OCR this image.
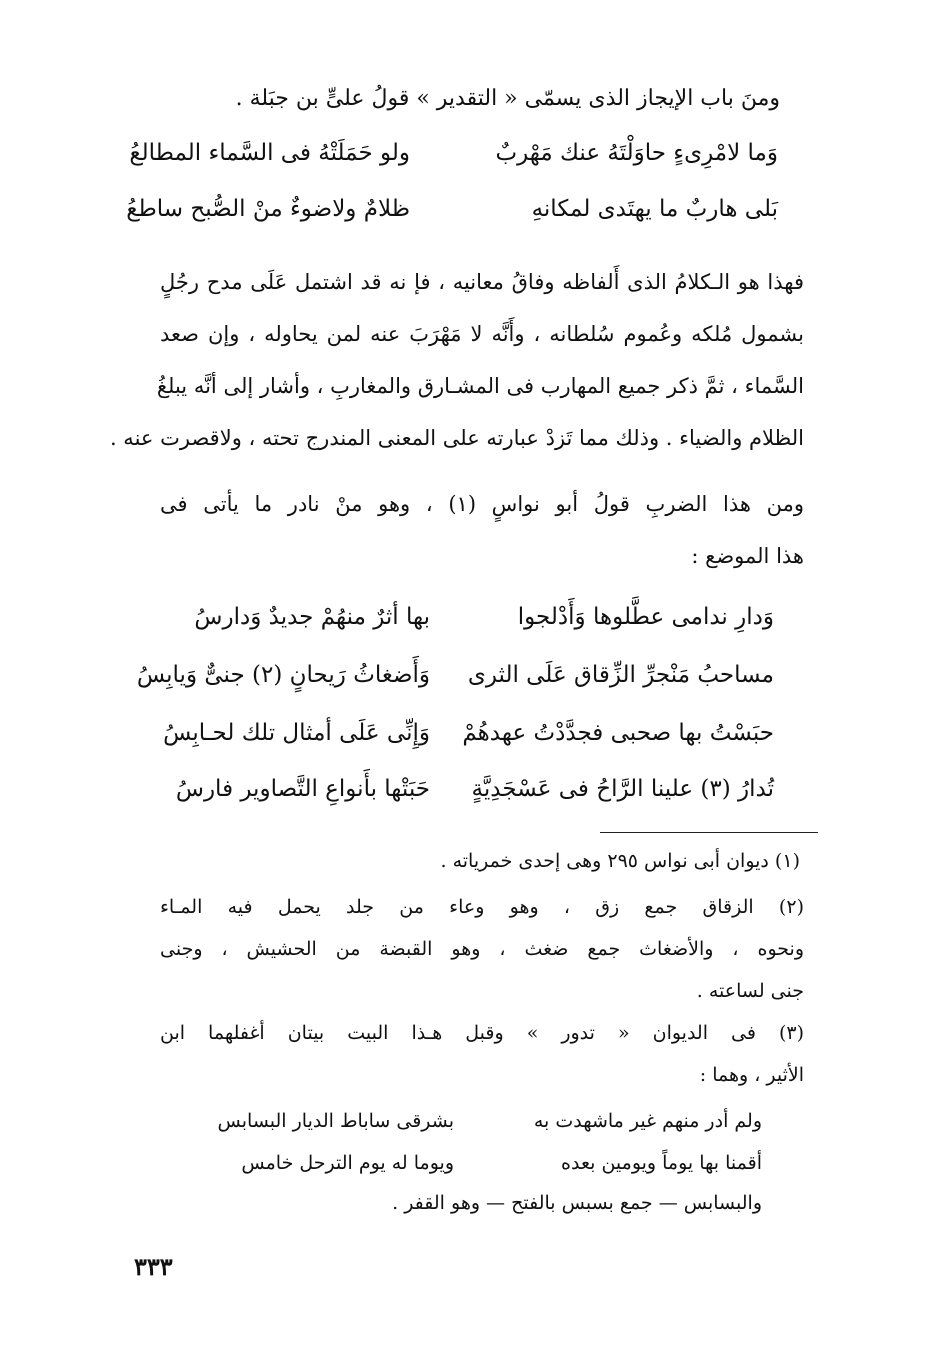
ومنَ باب الإيجاز الذى يسمّى « التقدير » قولُ علىٍّ بن جبَلة .
وَما لامْرِىءٍ حاوَلْتَهُ عنك مَهْربٌ
ولو حَمَلَتْهُ فى السَّماء المطالعُ
بَلى هاربٌ ما يهتَدى لمكانهِ
ظلامٌ ولاضوءٌ منْ الصُّبح ساطعُ
فهذا هو الـكلامُ الذى أَلفاظه وفاقُ معانيه ، فإ نه قد اشتمل عَلَى مدح رجُلٍ
بشمول مُلكه وعُموم سُلطانه ، وأَنَّه لا مَهْرَبَ عنه لمن يحاوله ، وإن صعد
السَّماء ، ثمَّ ذكر جميع المهارب فى المشـارق والمغاربِ ، وأشار إلى أنَّه يبلغُ
الظلام والضياء . وذلك مما تَزدْ عبارته على المعنى المندرج تحته ، ولاقصرت عنه .
ومن هذا الضربِ قولُ أبو نواسٍ (١) ، وهو منْ نادر ما يأتى فى
هذا الموضع :
وَدارِ ندامى عطَّلوها وَأَدْلجوا
بها أثرٌ منهُمْ جديدٌ وَدارسُ
مساحبُ مَنْجرِّ الزِّقاق عَلَى الثرى
وَأَضغاثُ رَيحانٍ (٢) جنىٌّ وَيابِسُ
حبَسْتُ بها صحبى فجدَّدْتُ عهدهُمْ
وَإِنِّى عَلَى أمثال تلك لحـابِسُ
تُدارُ (٣) علينا الرَّاحُ فى عَسْجَدِيَّةٍ
حَبَتْها بأَنواعِ التَّصاوير فارسُ
(١) ديوان أبى نواس ٢٩٥ وهى إحدى خمرياته .
(٢) الزقاق جمع زق ، وهو وعاء من جلد يحمل فيه المـاء
ونحوه ، والأضغاث جمع ضغث ، وهو القبضة من الحشيش ، وجنى
جنى لساعته .
(٣) فى الديوان « تدور » وقبل هـذا البيت بيتان أغفلهما ابن
الأثير ، وهما :
ولم أدر منهم غير ماشهدت به
بشرقى ساباط الديار البسابس
أقمنا بها يوماً ويومين بعده
ويوما له يوم الترحل خامس
والبسابس — جمع بسبس بالفتح — وهو القفر .
٣٣٣
